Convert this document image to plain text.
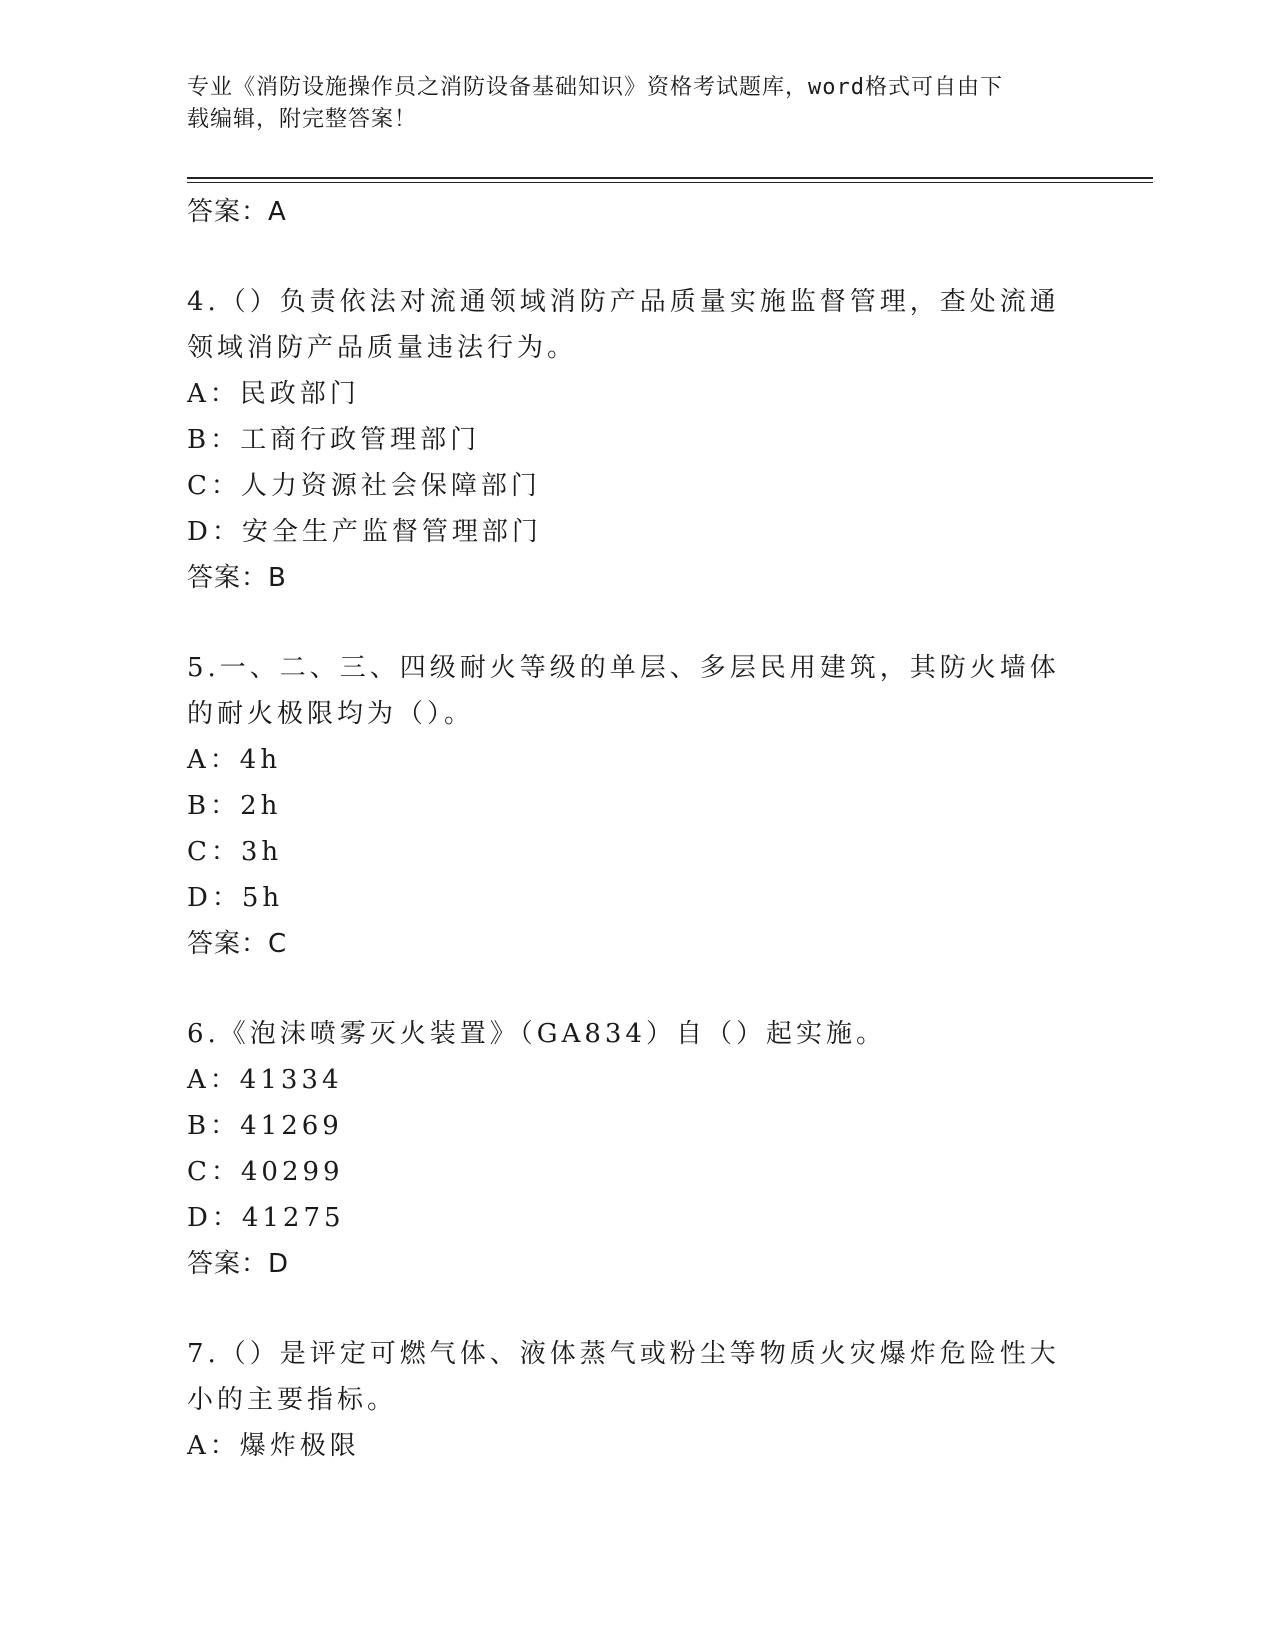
专业《消防设施操作员之消防设备基础知识》资格考试题库，word格式可自由下
载编辑，附完整答案！
答案：A

4.（）负责依法对流通领域消防产品质量实施监督管理，查处流通领域消防产品质量违法行为。

A：民政部门
B：工商行政管理部门
C：人力资源社会保障部门
D：安全生产监督管理部门
答案：B

5.一、二、三、四级耐火等级的单层、多层民用建筑，其防火墙体的耐火极限均为（）。

A：4h
B：2h
C：3h
D：5h
答案：C

6.《泡沫喷雾灭火装置》（GA834）自（）起实施。

A：41334
B：41269
C：40299
D：41275
答案：D

7.（）是评定可燃气体、液体蒸气或粉尘等物质火灾爆炸危险性大小的主要指标。

A：爆炸极限
